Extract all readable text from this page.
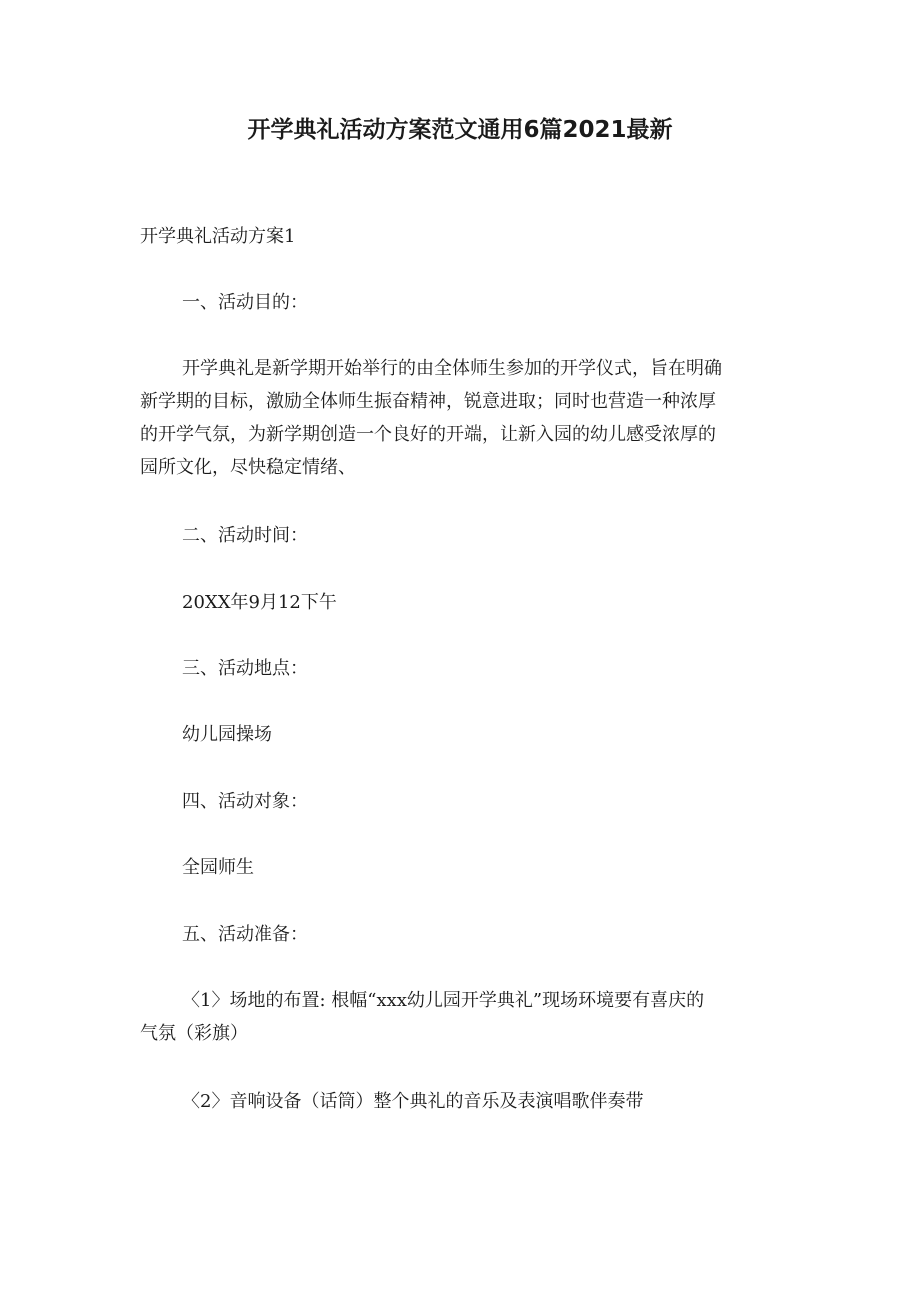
开学典礼活动方案范文通用6篇2021最新
开学典礼活动方案1
一、活动目的：
开学典礼是新学期开始举行的由全体师生参加的开学仪式，旨在明确
新学期的目标，激励全体师生振奋精神，锐意进取；同时也营造一种浓厚
的开学气氛，为新学期创造一个良好的开端，让新入园的幼儿感受浓厚的
园所文化，尽快稳定情绪、
二、活动时间：
20XX年9月12下午
三、活动地点：
幼儿园操场
四、活动对象：
全园师生
五、活动准备：
〈1〉场地的布置: 根幅“xxx幼儿园开学典礼”现场环境要有喜庆的
气氛（彩旗）
〈2〉音响设备（话筒）整个典礼的音乐及表演唱歌伴奏带
